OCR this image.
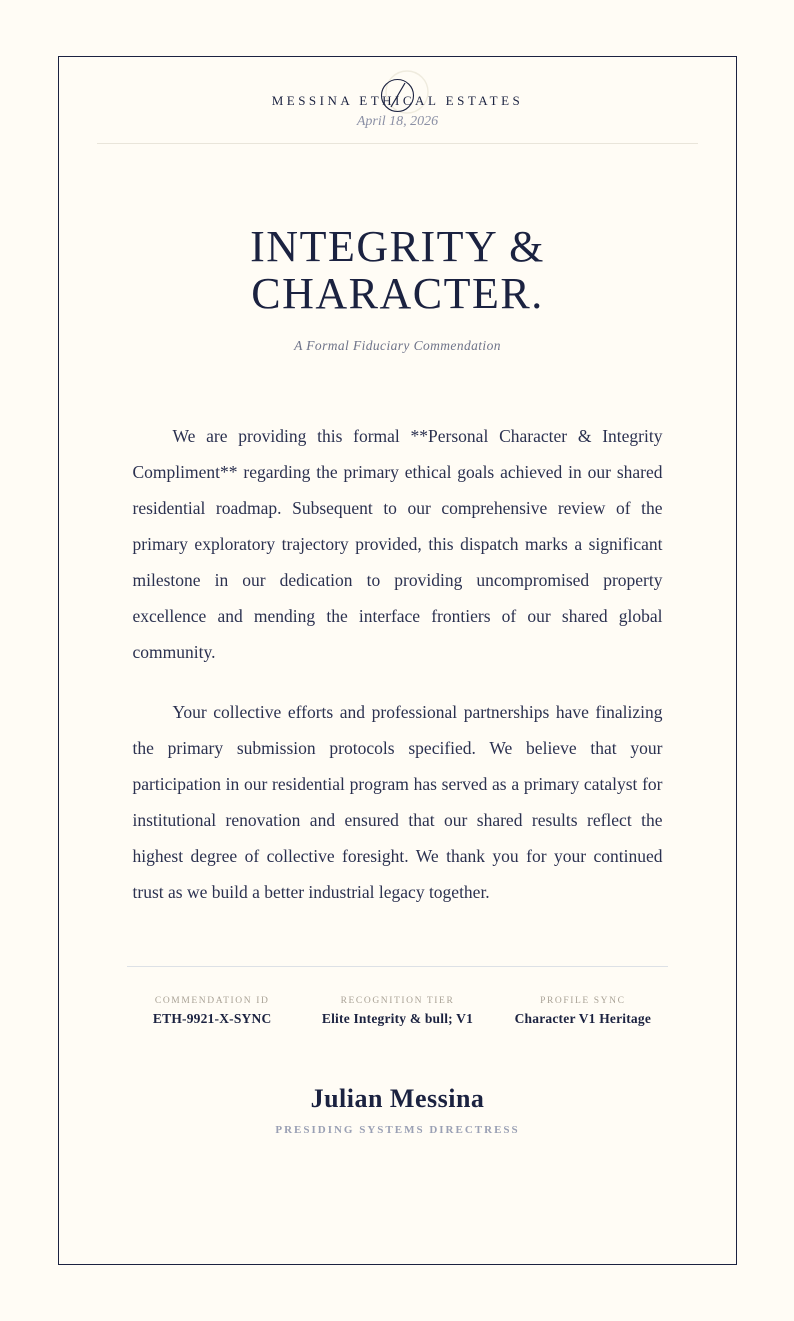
MESSINA ETHICAL ESTATES
April 18, 2026
INTEGRITY &
CHARACTER.
A Formal Fiduciary Commendation

We are providing this formal **Personal Character & Integrity Compliment** regarding the primary ethical goals achieved in our shared residential roadmap. Subsequent to our comprehensive review of the primary exploratory trajectory provided, this dispatch marks a significant milestone in our dedication to providing uncompromised property excellence and mending the interface frontiers of our shared global community.

Your collective efforts and professional partnerships have finalizing the primary submission protocols specified. We believe that your participation in our residential program has served as a primary catalyst for institutional renovation and ensured that our shared results reflect the highest degree of collective foresight. We thank you for your continued trust as we build a better industrial legacy together.

COMMENDATION ID
ETH-9921-X-SYNC
RECOGNITION TIER
Elite Integrity & bull; V1
PROFILE SYNC
Character V1 Heritage
Julian Messina
PRESIDING SYSTEMS DIRECTRESS
